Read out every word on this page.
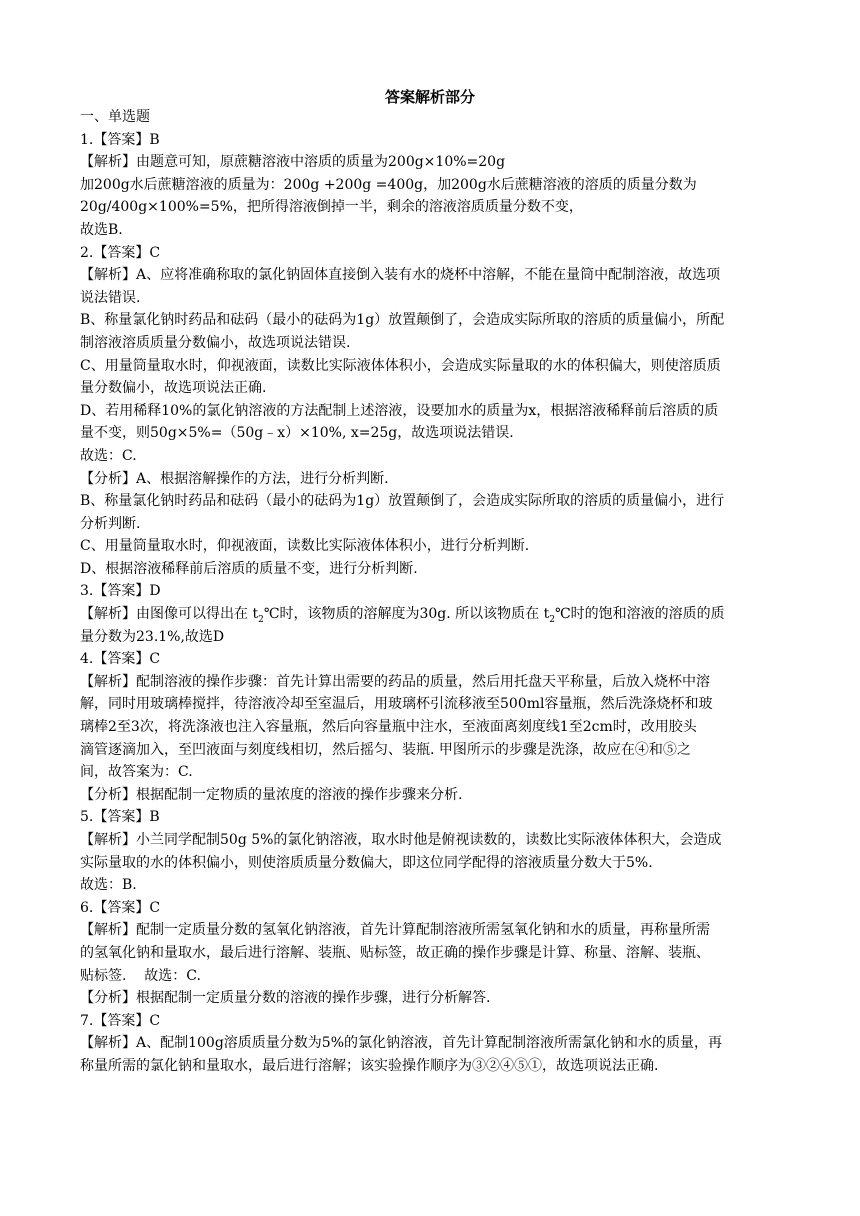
答案解析部分

一、单选题

1.【答案】B

【解析】由题意可知，原蔗糖溶液中溶质的质量为200g×10%=20g

加200g水后蔗糖溶液的质量为：200g +200g =400g，加200g水后蔗糖溶液的溶质的质量分数为

20g/400g×100%=5%，把所得溶液倒掉一半，剩余的溶液溶质质量分数不变，

故选B.

2.【答案】C

【解析】A、应将准确称取的氯化钠固体直接倒入装有水的烧杯中溶解，不能在量筒中配制溶液，故选项

说法错误.

B、称量氯化钠时药品和砝码（最小的砝码为1g）放置颠倒了，会造成实际所取的溶质的质量偏小，所配

制溶液溶质质量分数偏小，故选项说法错误.

C、用量筒量取水时，仰视液面，读数比实际液体体积小，会造成实际量取的水的体积偏大，则使溶质质

量分数偏小，故选项说法正确.

D、若用稀释10%的氯化钠溶液的方法配制上述溶液，设要加水的质量为x，根据溶液稀释前后溶质的质

量不变，则50g×5%=（50g﹣x）×10%, x=25g，故选项说法错误.

故选：C.

【分析】A、根据溶解操作的方法，进行分析判断.

B、称量氯化钠时药品和砝码（最小的砝码为1g）放置颠倒了，会造成实际所取的溶质的质量偏小，进行

分析判断.

C、用量筒量取水时，仰视液面，读数比实际液体体积小，进行分析判断.

D、根据溶液稀释前后溶质的质量不变，进行分析判断.

3.【答案】D

【解析】由图像可以得出在 $t_2℃$时，该物质的溶解度为30g. 所以该物质在 $t_2℃$时的饱和溶液的溶质的质

量分数为23.1%,故选D

4.【答案】C

【解析】配制溶液的操作步骤：首先计算出需要的药品的质量，然后用托盘天平称量，后放入烧杯中溶

解，同时用玻璃棒搅拌，待溶液冷却至室温后，用玻璃杯引流移液至500ml容量瓶，然后洗涤烧杯和玻

璃棒2至3次，将洗涤液也注入容量瓶，然后向容量瓶中注水，至液面离刻度线1至2cm时，改用胶头

滴管逐滴加入，至凹液面与刻度线相切，然后摇匀、装瓶. 甲图所示的步骤是洗涤，故应在④和⑤之

间，故答案为：C.

【分析】根据配制一定物质的量浓度的溶液的操作步骤来分析.

5.【答案】B

【解析】小兰同学配制50g 5%的氯化钠溶液，取水时他是俯视读数的，读数比实际液体体积大，会造成

实际量取的水的体积偏小，则使溶质质量分数偏大，即这位同学配得的溶液质量分数大于5%.

故选：B.

6.【答案】C

【解析】配制一定质量分数的氢氧化钠溶液，首先计算配制溶液所需氢氧化钠和水的质量，再称量所需

的氢氧化钠和量取水，最后进行溶解、装瓶、贴标签，故正确的操作步骤是计算、称量、溶解、装瓶、

贴标签.    故选：C.

【分析】根据配制一定质量分数的溶液的操作步骤，进行分析解答.

7.【答案】C

【解析】A、配制100g溶质质量分数为5%的氯化钠溶液，首先计算配制溶液所需氯化钠和水的质量，再

称量所需的氯化钠和量取水，最后进行溶解；该实验操作顺序为③②④⑤①，故选项说法正确.
